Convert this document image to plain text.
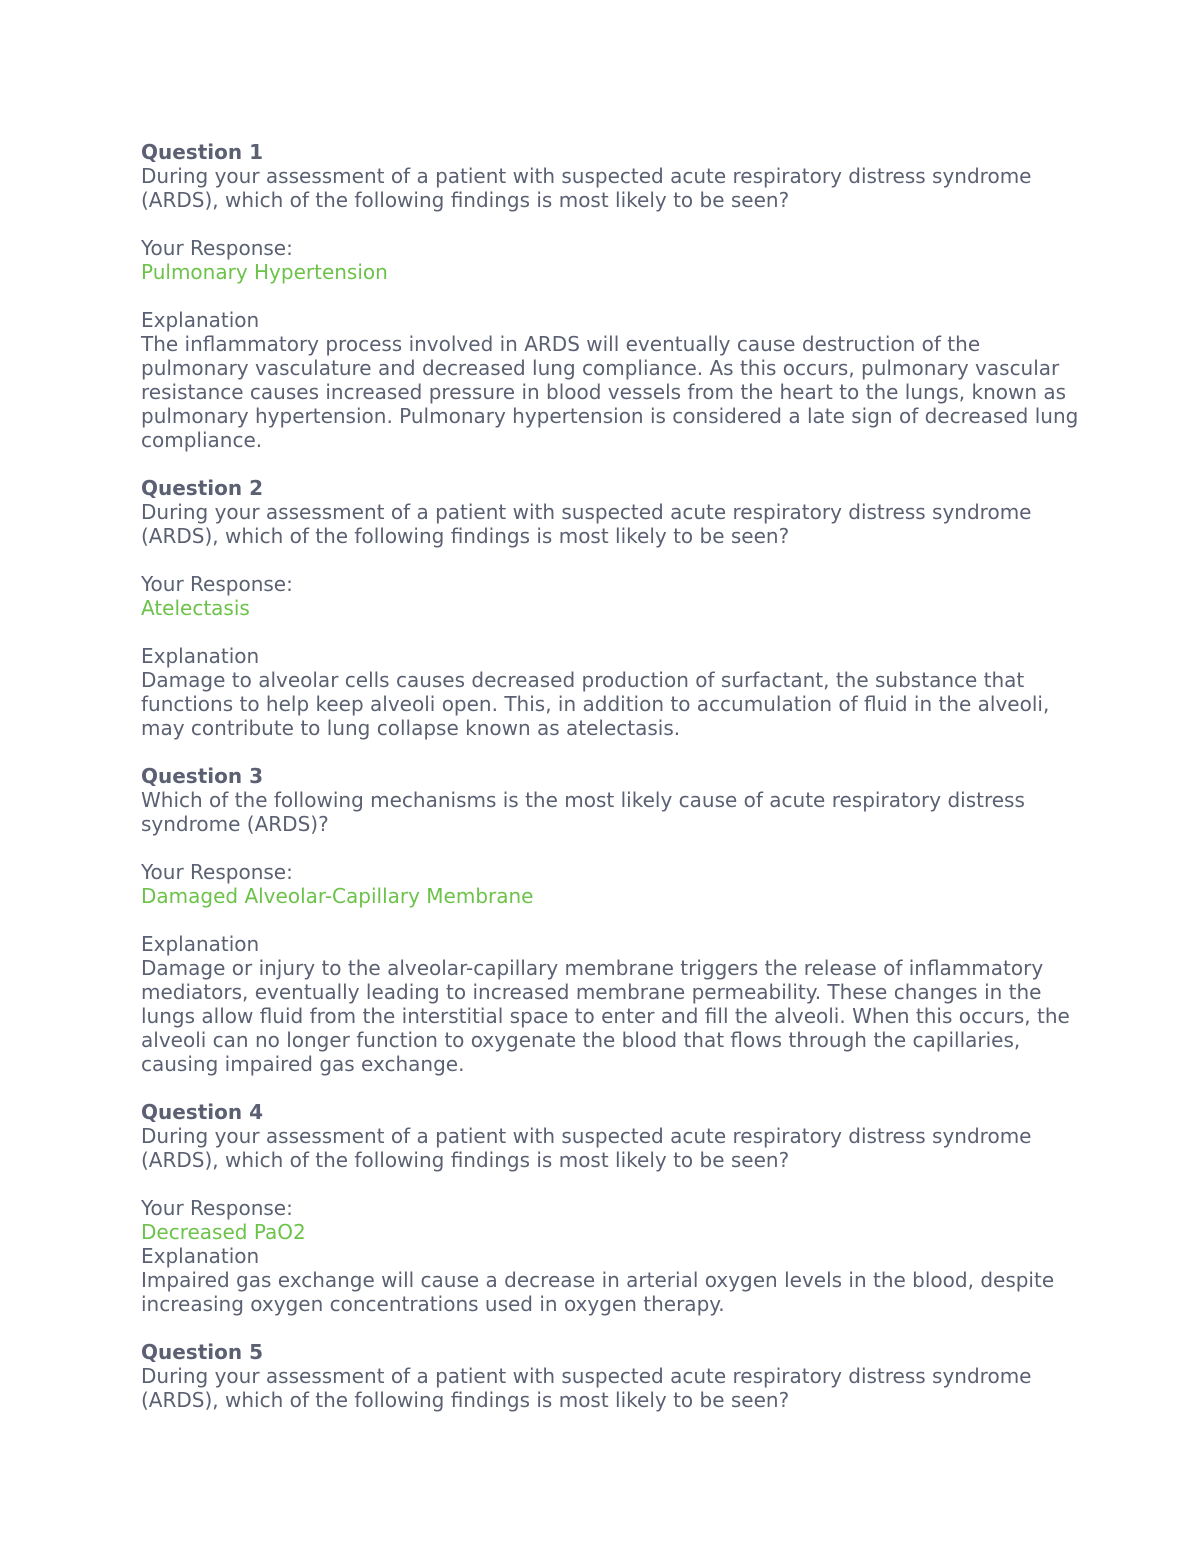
Question 1
During your assessment of a patient with suspected acute respiratory distress syndrome (ARDS), which of the following findings is most likely to be seen?
Your Response:
Pulmonary Hypertension
Explanation
The inflammatory process involved in ARDS will eventually cause destruction of the pulmonary vasculature and decreased lung compliance. As this occurs, pulmonary vascular resistance causes increased pressure in blood vessels from the heart to the lungs, known as pulmonary hypertension. Pulmonary hypertension is considered a late sign of decreased lung compliance.
Question 2
During your assessment of a patient with suspected acute respiratory distress syndrome (ARDS), which of the following findings is most likely to be seen?
Your Response:
Atelectasis
Explanation
Damage to alveolar cells causes decreased production of surfactant, the substance that functions to help keep alveoli open. This, in addition to accumulation of fluid in the alveoli, may contribute to lung collapse known as atelectasis.
Question 3
Which of the following mechanisms is the most likely cause of acute respiratory distress syndrome (ARDS)?
Your Response:
Damaged Alveolar-Capillary Membrane
Explanation
Damage or injury to the alveolar-capillary membrane triggers the release of inflammatory mediators, eventually leading to increased membrane permeability. These changes in the lungs allow fluid from the interstitial space to enter and fill the alveoli. When this occurs, the alveoli can no longer function to oxygenate the blood that flows through the capillaries, causing impaired gas exchange.
Question 4
During your assessment of a patient with suspected acute respiratory distress syndrome (ARDS), which of the following findings is most likely to be seen?
Your Response:
Decreased PaO2
Explanation
Impaired gas exchange will cause a decrease in arterial oxygen levels in the blood, despite increasing oxygen concentrations used in oxygen therapy.
Question 5
During your assessment of a patient with suspected acute respiratory distress syndrome (ARDS), which of the following findings is most likely to be seen?
